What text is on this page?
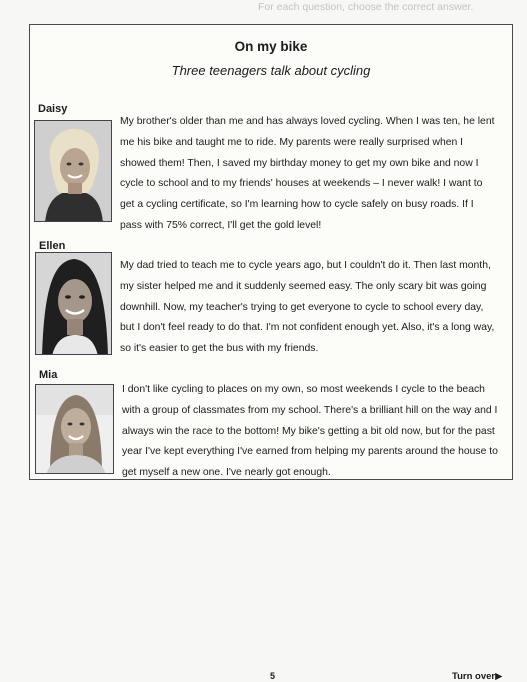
For each question, choose the correct answer.
On my bike
Three teenagers talk about cycling
Daisy
My brother's older than me and has always loved cycling. When I was ten, he lent
me his bike and taught me to ride. My parents were really surprised when I
showed them! Then, I saved my birthday money to get my own bike and now I
cycle to school and to my friends' houses at weekends – I never walk! I want to
get a cycling certificate, so I'm learning how to cycle safely on busy roads. If I
pass with 75% correct, I'll get the gold level!
Ellen
My dad tried to teach me to cycle years ago, but I couldn't do it. Then last month,
my sister helped me and it suddenly seemed easy. The only scary bit was going
downhill. Now, my teacher's trying to get everyone to cycle to school every day,
but I don't feel ready to do that. I'm not confident enough yet. Also, it's a long way,
so it's easier to get the bus with my friends.
Mia
I don't like cycling to places on my own, so most weekends I cycle to the beach
with a group of classmates from my school. There's a brilliant hill on the way and I
always win the race to the bottom! My bike's getting a bit old now, but for the past
year I've kept everything I've earned from helping my parents around the house to
get myself a new one. I've nearly got enough.
5	Turn over▶
